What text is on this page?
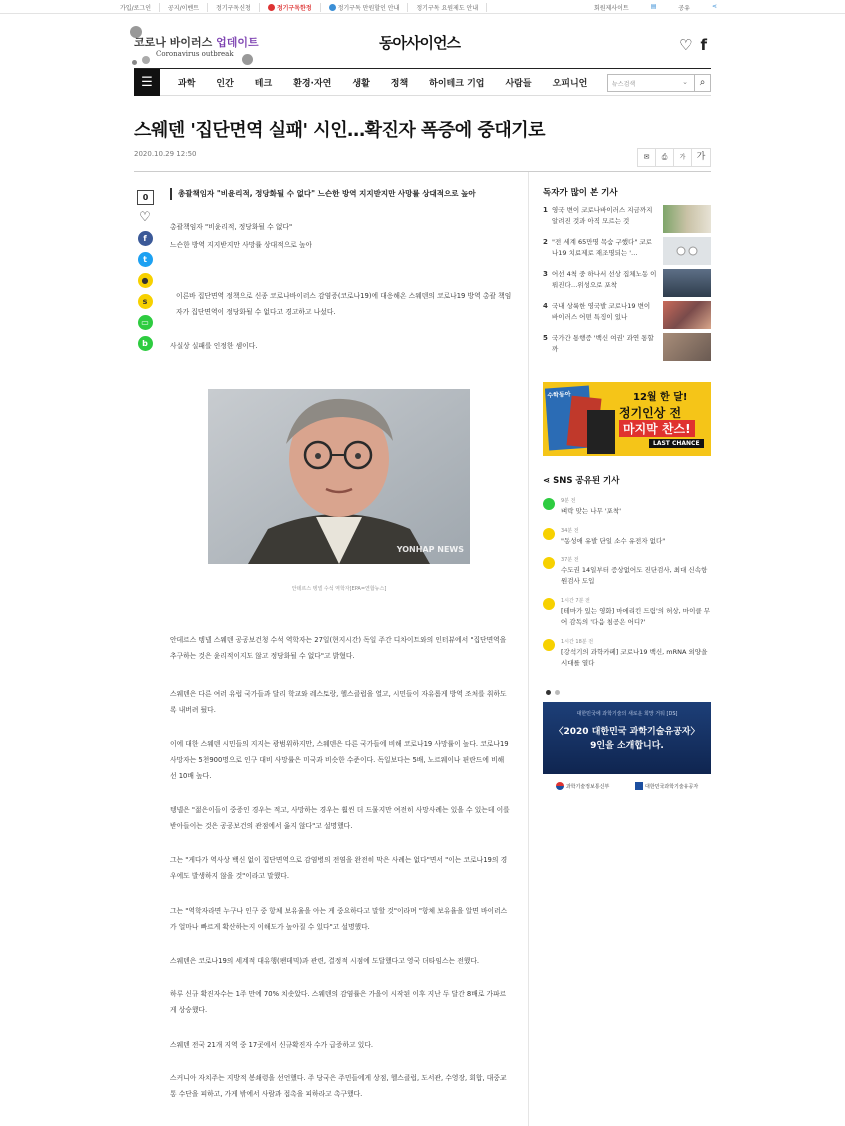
가입/로그인	공지/이벤트	정기구독신청	정기구독한정	정기구독 만원할인 안내	정기구독 요원제도 안내	회원제사이트	▤	공유	⋖
코로나 바이러스 업데이트
Coronavirus outbreak
동아사이언스	♡ f
☰	과학 인간 테크 환경·자연 생활 정책 하이테크 기업 사람들 오피니언	뉴스검색	⌄	⌕
스웨덴 '집단면역 실패' 시인…확진자 폭증에 중대기로
2020.10.29 12:50	✉	⎙	가	가
0
♡
f
t
●
s
▭
b
총괄책임자 "비윤리적, 정당화될 수 없다" 느슨한 방역 지지받지만 사망률 상대적으로 높아
총괄책임자 "비윤리적, 정당화될 수 없다"
느슨한 방역 지지받지만 사망률 상대적으로 높아
이른바 집단면역 정책으로 신종 코로나바이러스 감염증(코로나19)에 대응해온 스웨덴의 코로나19 방역 총괄 책임자가 집단면역이 정당화될 수 없다고 경고하고 나섰다.
사실상 실패를 인정한 셈이다.
YONHAP NEWS
안데르스 텡넬 수석 역학자[EPA=연합뉴스]
안데르스 텡넬 스웨덴 공공보건청 수석 역학자는 27일(현지시간) 독일 주간 디차이트와의 인터뷰에서 "집단면역을 추구하는 것은 윤리적이지도 않고 정당화될 수 없다"고 밝혔다.
스웨덴은 다른 여러 유럽 국가들과 달리 학교와 레스토랑, 헬스클럽을 열고, 시민들이 자유롭게 방역 조처를 취하도록 내버려 뒀다.
이에 대한 스웨덴 시민들의 지지는 광범위하지만, 스웨덴은 다른 국가들에 비해 코로나19 사망률이 높다. 코로나19 사망자는 5천900명으로 인구 대비 사망률은 미국과 비슷한 수준이다. 독일보다는 5배, 노르웨이나 핀란드에 비해선 10배 높다.
텡넬은 "젊은이들이 중증인 경우는 적고, 사망하는 경우는 훨씬 더 드물지만 여전히 사망사례는 있을 수 있는데 이를 받아들이는 것은 공공보건의 관점에서 옳지 않다"고 설명했다.
그는 "게다가 역사상 백신 없이 집단면역으로 감염병의 전염을 완전히 막은 사례는 없다"면서 "이는 코로나19의 경우에도 발생하지 않을 것"이라고 말했다.
그는 "역학자라면 누구나 인구 중 항체 보유율을 아는 게 중요하다고 말할 것"이라며 "항체 보유율을 알면 바이러스가 얼마나 빠르게 확산하는지 이해도가 높아질 수 있다"고 설명했다.
스웨덴은 코로나19의 세계적 대유행(팬데믹)과 관련, 결정적 시점에 도달했다고 영국 더타임스는 전했다.
하루 신규 확진자수는 1주 만에 70% 치솟았다. 스웨덴의 감염률은 가을이 시작된 이후 지난 두 달간 8배로 가파르게 상승했다.
스웨덴 전국 21개 지역 중 17곳에서 신규확진자 수가 급증하고 있다.
스커니아 자치주는 지방적 봉쇄령을 선언했다. 주 당국은 주민들에게 상점, 헬스클럽, 도서관, 수영장, 회합, 대중교통 수단을 피하고, 가게 밖에서 사람과 접촉을 피하라고 촉구했다.
독자가 많이 본 기사
1 영국 변이 코로나바이러스 지금까지 알려진 것과 아직 모르는 것
2 "전 세계 65만명 목숨 구했다" 코로나19 치료제로 재조명되는 '…
3 어선 4척 중 하나서 선상 집체노동 이뤄진다…위성으로 포착
4 국내 상륙한 영국발 코로나19 변이 바이러스 어떤 특징이 있나
5 국가간 통행증 '백신 여권' 과연 통할까
수학동아	12월 한 달!
정기인상 전
마지막 찬스!
LAST CHANCE
⋖ SNS 공유된 기사
9분 전
벼락 맞는 나무 '포착'
34분 전
"동성애 유발 단일 소수 유전자 없다"
37분 전
수도권 14일부터 증상없어도 진단검사, 최대 신속항원검사 도입
1시간 7분 전
[테마가 있는 영화] 마에리킨 드림'의 허상, 마이클 무어 감독의 '다음 침공은 어디?'
1시간 18분 전
[강석기의 과학카페] 코로나19 백신, mRNA 외양을 시대를 열다
대한민국에 과학기술의 새로운 희망 거둬 [DS]
〈2020 대한민국 과학기술유공자〉
9인을 소개합니다.
과학기술정보통신부	대한민국과학기술유공자
